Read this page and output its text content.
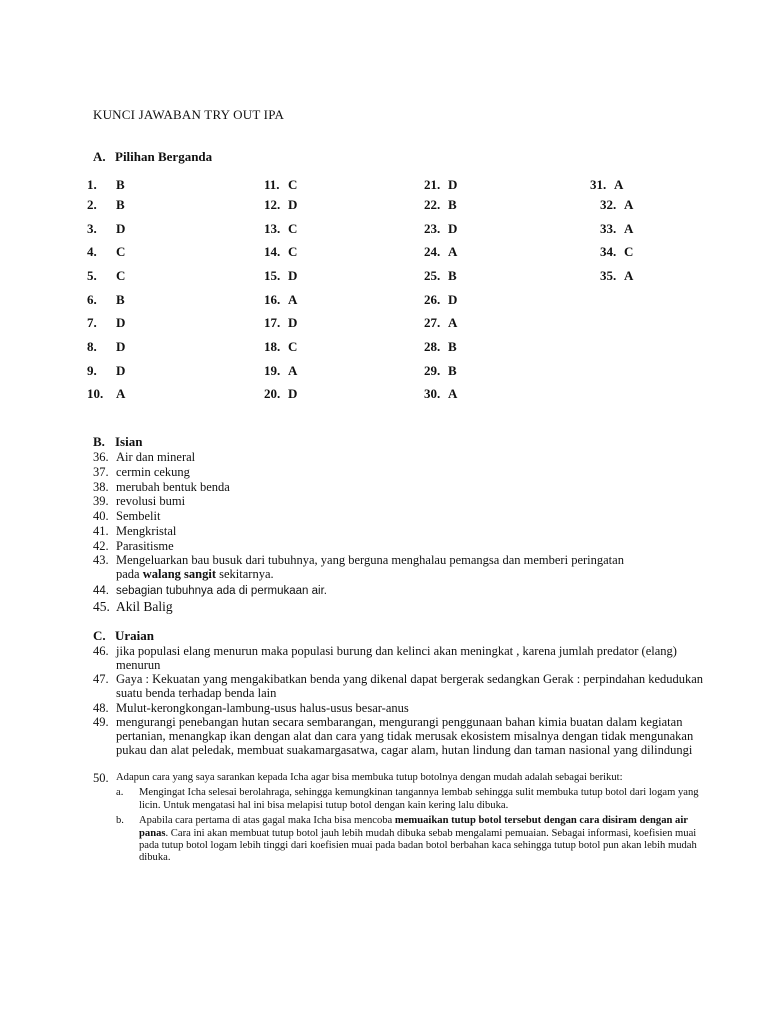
KUNCI JAWABAN TRY OUT IPA
A. Pilihan Berganda
1. B
2. B
3. D
4. C
5. C
6. B
7. D
8. D
9. D
10. A
11. C
12. D
13. C
14. C
15. D
16. A
17. D
18. C
19. A
20. D
21. D
22. B
23. D
24. A
25. B
26. D
27. A
28. B
29. B
30. A
31. A
32. A
33. A
34. C
35. A
B. Isian
36. Air dan mineral
37. cermin cekung
38. merubah bentuk benda
39. revolusi bumi
40. Sembelit
41. Mengkristal
42. Parasitisme
43. Mengeluarkan bau busuk dari tubuhnya, yang berguna menghalau pemangsa dan memberi peringatan
pada walang sangit sekitarnya.
44. sebagian tubuhnya ada di permukaan air.
45. Akil Balig
C. Uraian
46. jika populasi elang menurun maka populasi burung dan kelinci akan meningkat , karena jumlah predator (elang) menurun
47. Gaya : Kekuatan yang mengakibatkan benda yang dikenal dapat bergerak sedangkan Gerak : perpindahan kedudukan suatu benda terhadap benda lain
48. Mulut-kerongkongan-lambung-usus halus-usus besar-anus
49. mengurangi penebangan hutan secara sembarangan, mengurangi penggunaan bahan kimia buatan dalam kegiatan pertanian, menangkap ikan dengan alat dan cara yang tidak merusak ekosistem misalnya dengan tidak mengunakan pukau dan alat peledak, membuat suakamargasatwa, cagar alam, hutan lindung dan taman nasional yang dilindungi
50. Adapun cara yang saya sarankan kepada Icha agar bisa membuka tutup botolnya dengan mudah adalah sebagai berikut:
a. Mengingat Icha selesai berolahraga, sehingga kemungkinan tangannya lembab sehingga sulit membuka tutup botol dari logam yang licin. Untuk mengatasi hal ini bisa melapisi tutup botol dengan kain kering lalu dibuka.
b. Apabila cara pertama di atas gagal maka Icha bisa mencoba memuaikan tutup botol tersebut dengan cara disiram dengan air panas. Cara ini akan membuat tutup botol jauh lebih mudah dibuka sebab mengalami pemuaian. Sebagai informasi, koefisien muai pada tutup botol logam lebih tinggi dari koefisien muai pada badan botol berbahan kaca sehingga tutup botol pun akan lebih mudah dibuka.
